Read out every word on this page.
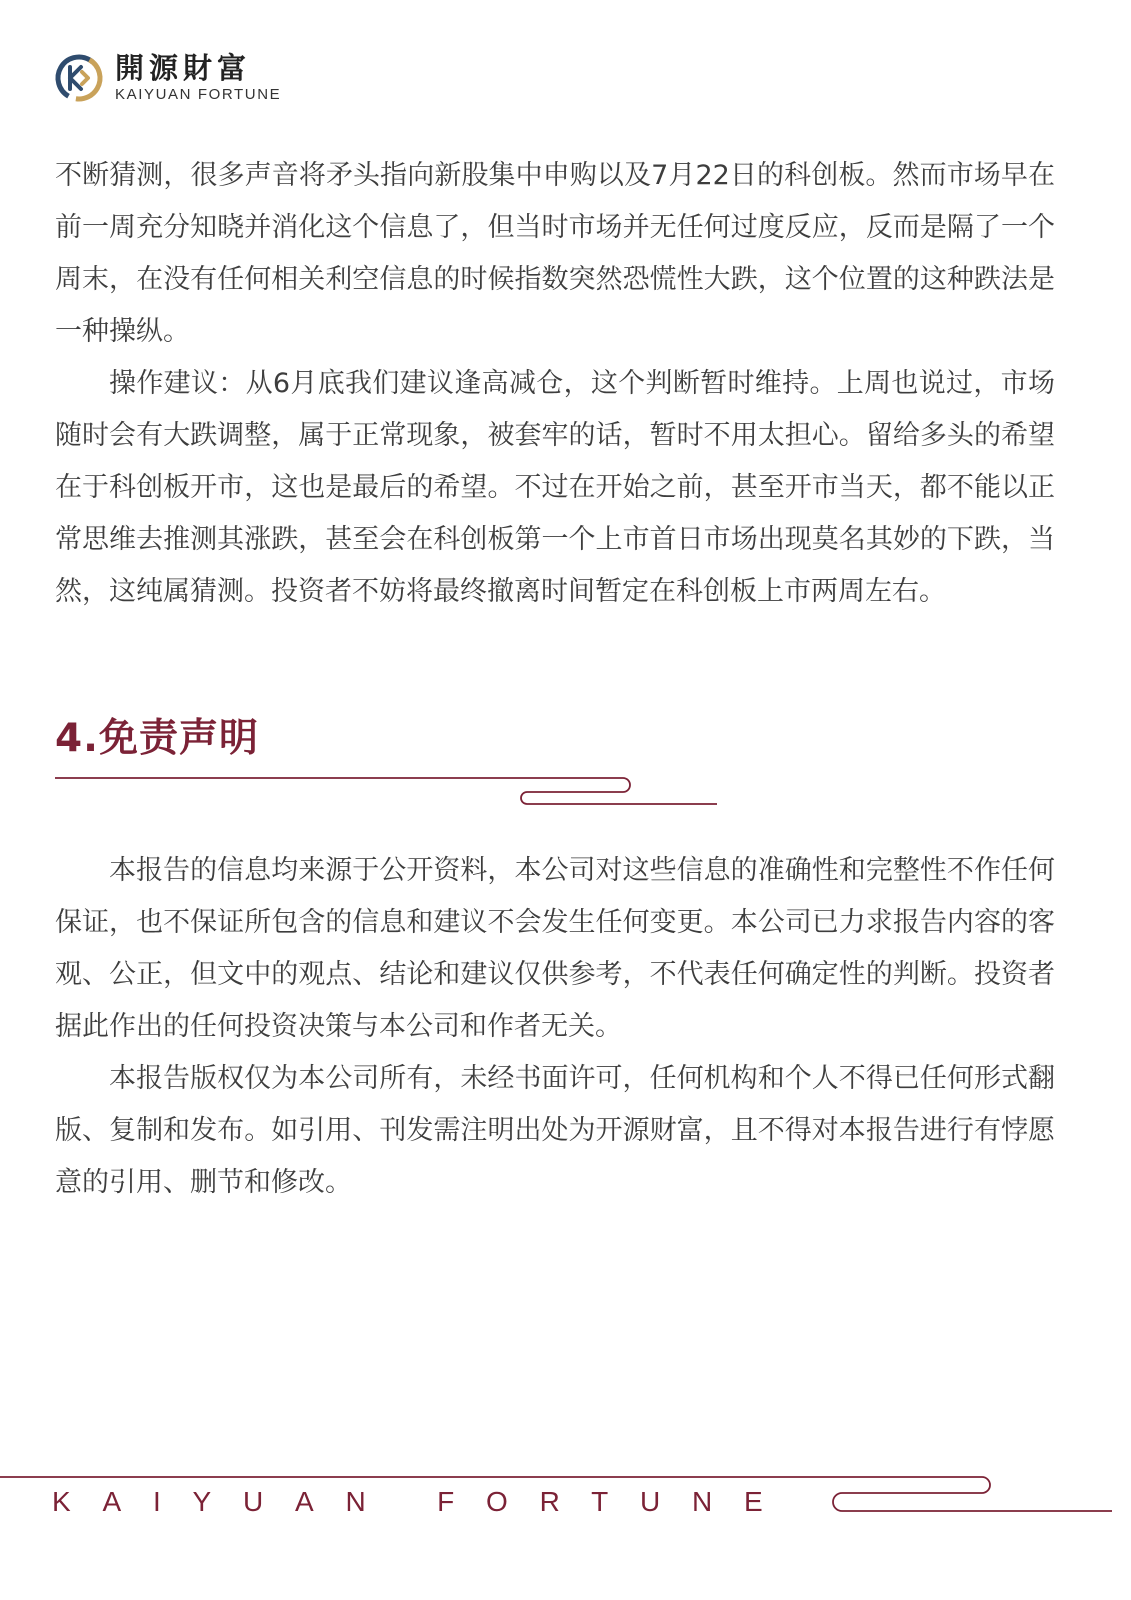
開源財富
KAIYUAN FORTUNE

不断猜测，很多声音将矛头指向新股集中申购以及7月22日的科创板。然而市场早在前一周充分知晓并消化这个信息了，但当时市场并无任何过度反应，反而是隔了一个周末，在没有任何相关利空信息的时候指数突然恐慌性大跌，这个位置的这种跌法是一种操纵。

操作建议：从6月底我们建议逢高减仓，这个判断暂时维持。上周也说过，市场随时会有大跌调整，属于正常现象，被套牢的话，暂时不用太担心。留给多头的希望在于科创板开市，这也是最后的希望。不过在开始之前，甚至开市当天，都不能以正常思维去推测其涨跌，甚至会在科创板第一个上市首日市场出现莫名其妙的下跌，当然，这纯属猜测。投资者不妨将最终撤离时间暂定在科创板上市两周左右。

4.免责声明

本报告的信息均来源于公开资料，本公司对这些信息的准确性和完整性不作任何保证，也不保证所包含的信息和建议不会发生任何变更。本公司已力求报告内容的客观、公正，但文中的观点、结论和建议仅供参考，不代表任何确定性的判断。投资者据此作出的任何投资决策与本公司和作者无关。

本报告版权仅为本公司所有，未经书面许可，任何机构和个人不得已任何形式翻版、复制和发布。如引用、刊发需注明出处为开源财富，且不得对本报告进行有悖愿意的引用、删节和修改。

KAIYUAN FORTUNE
